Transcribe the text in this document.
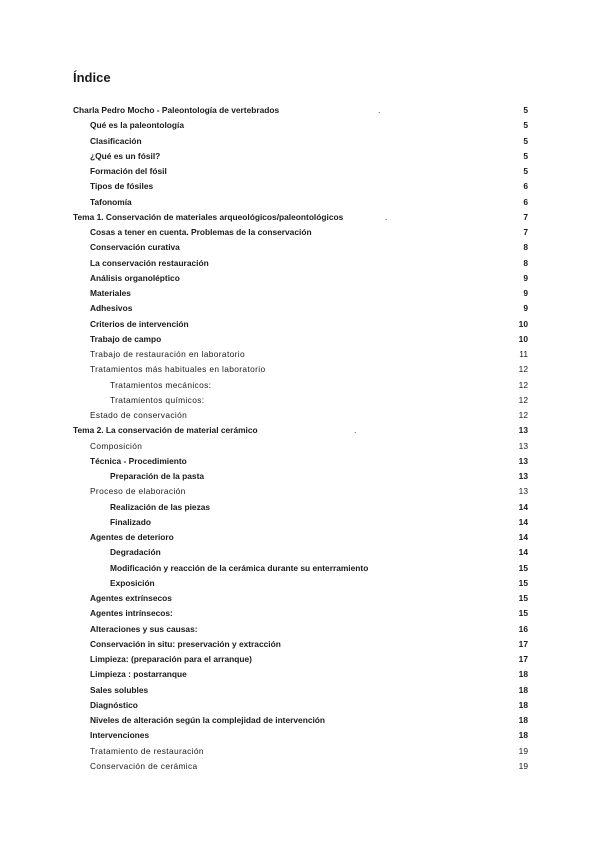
Índice
Charla Pedro Mocho - Paleontología de vertebrados	.	5
Qué es la paleontología	5
Clasificación	5
¿Qué es un fósil?	5
Formación del fósil	5
Tipos de fósiles	6
Tafonomía	6
Tema 1. Conservación de materiales arqueológicos/paleontológicos	.	7
Cosas a tener en cuenta. Problemas de la conservación	7
Conservación curativa	8
La conservación restauración	8
Análisis organoléptico	9
Materiales	9
Adhesivos	9
Criterios de intervención	10
Trabajo de campo	10
Trabajo de restauración en laboratorio	11
Tratamientos más habituales en laboratorio	12
Tratamientos mecánicos:	12
Tratamientos químicos:	12
Estado de conservación	12
Tema 2. La conservación de material cerámico	.	13
Composición	13
Técnica - Procedimiento	13
Preparación de la pasta	13
Proceso de elaboración	13
Realización de las piezas	14
Finalizado	14
Agentes de deterioro	14
Degradación	14
Modificación y reacción de la cerámica durante su enterramiento	15
Exposición	15
Agentes extrínsecos	15
Agentes intrínsecos:	15
Alteraciones y sus causas:	16
Conservación in situ: preservación y extracción	17
Limpieza: (preparación para el arranque)	17
Limpieza : postarranque	18
Sales solubles	18
Diagnóstico	18
Niveles de alteración según la complejidad de intervención	18
Intervenciones	18
Tratamiento de restauración	19
Conservación de cerámica	19
